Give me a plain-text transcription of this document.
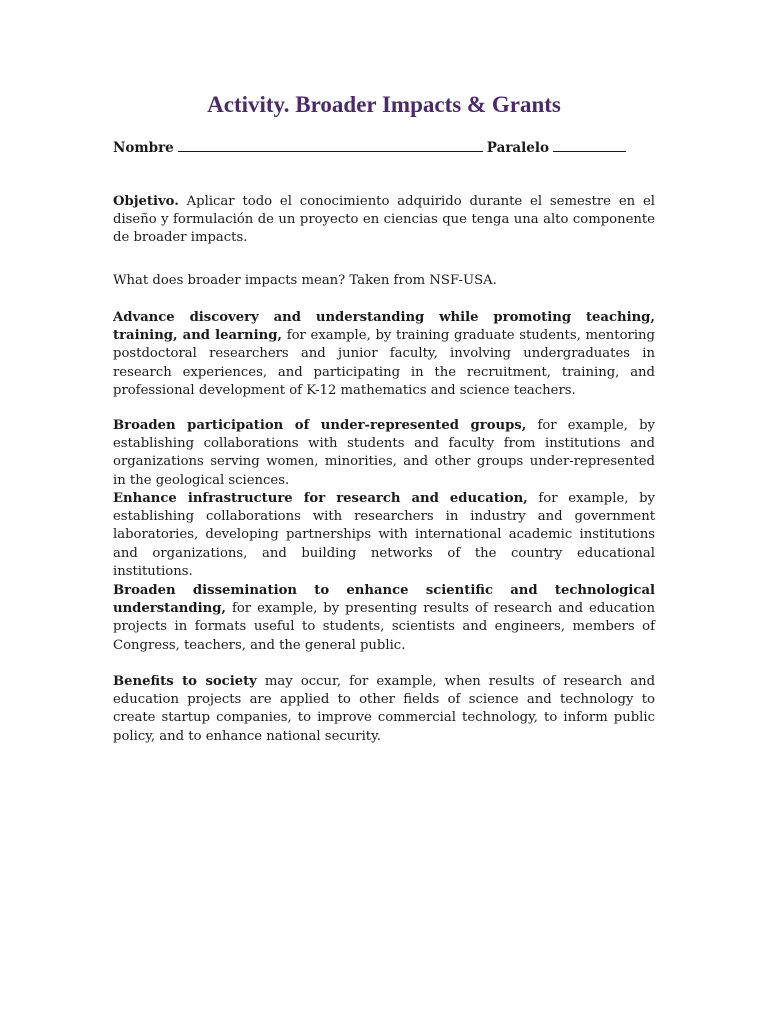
Activity. Broader Impacts & Grants
Nombre	Paralelo

Objetivo. Aplicar todo el conocimiento adquirido durante el semestre en el diseño y formulación de un proyecto en ciencias que tenga una alto componente de broader impacts.

What does broader impacts mean? Taken from NSF-USA.

Advance discovery and understanding while promoting teaching, training, and learning, for example, by training graduate students, mentoring postdoctoral researchers and junior faculty, involving undergraduates in research experiences, and participating in the recruitment, training, and professional development of K-12 mathematics and science teachers.

Broaden participation of under-represented groups, for example, by establishing collaborations with students and faculty from institutions and organizations serving women, minorities, and other groups under-represented in the geological sciences.

Enhance infrastructure for research and education, for example, by establishing collaborations with researchers in industry and government laboratories, developing partnerships with international academic institutions and organizations, and building networks of the country educational institutions.

Broaden dissemination to enhance scientific and technological understanding, for example, by presenting results of research and education projects in formats useful to students, scientists and engineers, members of Congress, teachers, and the general public.

Benefits to society may occur, for example, when results of research and education projects are applied to other fields of science and technology to create startup companies, to improve commercial technology, to inform public policy, and to enhance national security.
